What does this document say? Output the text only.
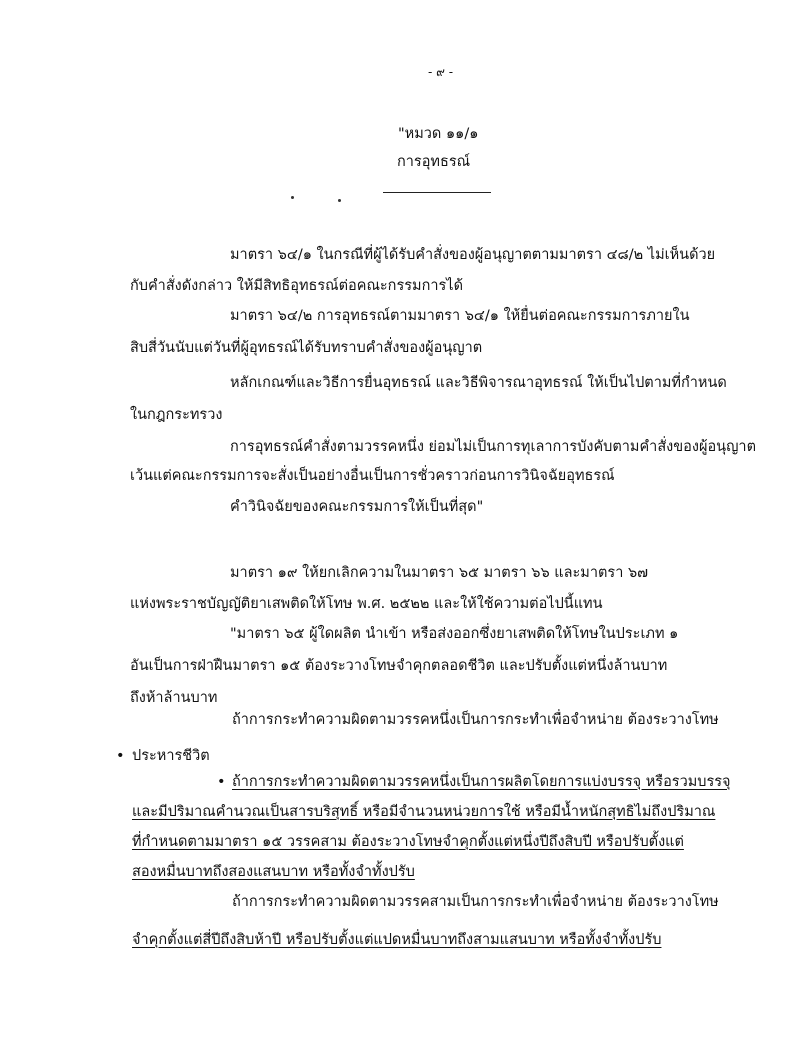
- ๙ -
"หมวด ๑๑/๑
การอุทธรณ์
มาตรา ๖๔/๑ ในกรณีที่ผู้ได้รับคำสั่งของผู้อนุญาตตามมาตรา ๔๘/๒ ไม่เห็นด้วย
กับคำสั่งดังกล่าว ให้มีสิทธิอุทธรณ์ต่อคณะกรรมการได้
มาตรา ๖๔/๒ การอุทธรณ์ตามมาตรา ๖๔/๑ ให้ยื่นต่อคณะกรรมการภายใน
สิบสี่วันนับแต่วันที่ผู้อุทธรณ์ได้รับทราบคำสั่งของผู้อนุญาต
หลักเกณฑ์และวิธีการยื่นอุทธรณ์ และวิธีพิจารณาอุทธรณ์ ให้เป็นไปตามที่กำหนด
ในกฎกระทรวง
การอุทธรณ์คำสั่งตามวรรคหนึ่ง ย่อมไม่เป็นการทุเลาการบังคับตามคำสั่งของผู้อนุญาต
เว้นแต่คณะกรรมการจะสั่งเป็นอย่างอื่นเป็นการชั่วคราวก่อนการวินิจฉัยอุทธรณ์
คำวินิจฉัยของคณะกรรมการให้เป็นที่สุด"
มาตรา ๑๙ ให้ยกเลิกความในมาตรา ๖๕ มาตรา ๖๖ และมาตรา ๖๗
แห่งพระราชบัญญัติยาเสพติดให้โทษ พ.ศ. ๒๕๒๒ และให้ใช้ความต่อไปนี้แทน
"มาตรา ๖๕ ผู้ใดผลิต นำเข้า หรือส่งออกซึ่งยาเสพติดให้โทษในประเภท ๑
อันเป็นการฝ่าฝืนมาตรา ๑๕ ต้องระวางโทษจำคุกตลอดชีวิต และปรับตั้งแต่หนึ่งล้านบาท
ถึงห้าล้านบาท
ถ้าการกระทำความผิดตามวรรคหนึ่งเป็นการกระทำเพื่อจำหน่าย ต้องระวางโทษ
• ประหารชีวิต
• ถ้าการกระทำความผิดตามวรรคหนึ่งเป็นการผลิตโดยการแบ่งบรรจุ หรือรวมบรรจุ
และมีปริมาณคำนวณเป็นสารบริสุทธิ์ หรือมีจำนวนหน่วยการใช้ หรือมีน้ำหนักสุทธิไม่ถึงปริมาณ
ที่กำหนดตามมาตรา ๑๕ วรรคสาม ต้องระวางโทษจำคุกตั้งแต่หนึ่งปีถึงสิบปี หรือปรับตั้งแต่
สองหมื่นบาทถึงสองแสนบาท หรือทั้งจำทั้งปรับ
ถ้าการกระทำความผิดตามวรรคสามเป็นการกระทำเพื่อจำหน่าย ต้องระวางโทษ
จำคุกตั้งแต่สี่ปีถึงสิบห้าปี หรือปรับตั้งแต่แปดหมื่นบาทถึงสามแสนบาท หรือทั้งจำทั้งปรับ
